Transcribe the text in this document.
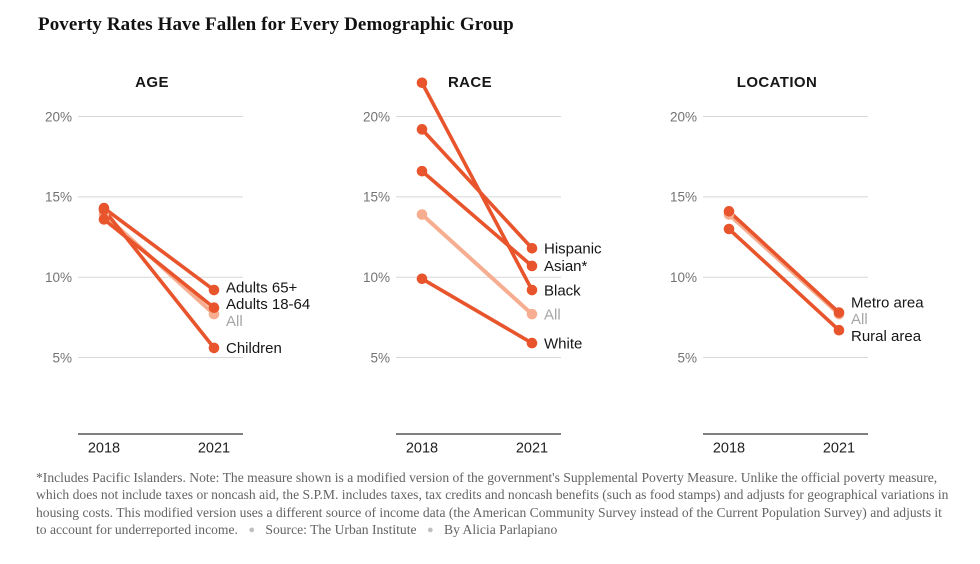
Poverty Rates Have Fallen for Every Demographic Group
AGE
20%
15%
10%
5%
2018	2021
Adults 65+
Adults 18-64
All
Children
RACE
20%
15%
10%
5%
2018	2021
Hispanic
Asian*
Black
All
White
LOCATION
20%
15%
10%
5%
2018	2021
Metro area
All
Rural area
*Includes Pacific Islanders. Note: The measure shown is a modified version of the government's Supplemental Poverty Measure. Unlike the official poverty measure, which does not include taxes or noncash aid, the S.P.M. includes taxes, tax credits and noncash benefits (such as food stamps) and adjusts for geographical variations in housing costs. This modified version uses a different source of income data (the American Community Survey instead of the Current Population Survey) and adjusts it to account for underreported income. ● Source: The Urban Institute ● By Alicia Parlapiano
